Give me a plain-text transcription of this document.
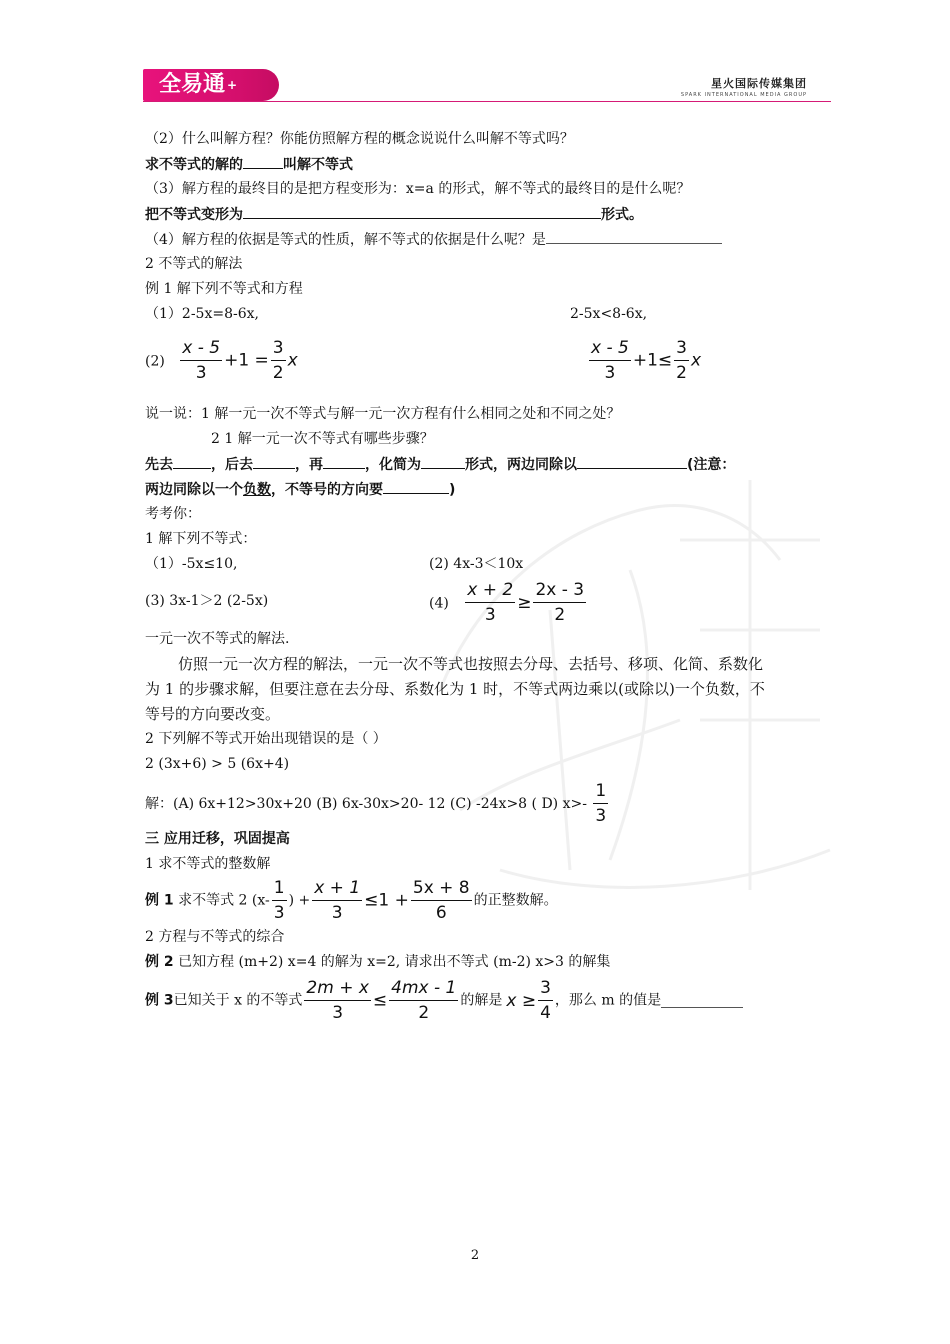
全易通 +	星火国际传媒集团
SPARK INTERNATIONAL MEDIA GROUP
（2）什么叫解方程？你能仿照解方程的概念说说什么叫解不等式吗？
求不等式的解的	叫解不等式
（3）解方程的最终目的是把方程变形为：x=a 的形式，解不等式的最终目的是什么呢？
把不等式变形为	形式。
（4）解方程的依据是等式的性质，解不等式的依据是什么呢？是
2 不等式的解法
例 1 解下列不等式和方程
（1）2-5x=8-6x,	2-5x<8-6x,
$(2) \frac{x - 5}{3} +1 = \frac{3}{2}$ x	$\frac{x - 5}{3} +1\le \frac{3}{2}$ x
说一说：1 解一元一次不等式与解一元一次方程有什么相同之处和不同之处？
2 1 解一元一次不等式有哪些步骤？
先去	，后去	，再	，化简为	形式，两边同除以	(注意：
两边同除以一个负数，不等号的方向要	)
考考你：
1 解下列不等式：
（1）-5x≤10,	(2) 4x-3＜10x
(3) 3x-1＞2 (2-5x)	$(4) \frac{x + 2}{3} \ge \frac{2x - 3}{2}$
一元一次不等式的解法.
仿照一元一次方程的解法，一元一次不等式也按照去分母、去括号、移项、化简、系数化
为 1 的步骤求解，但要注意在去分母、系数化为 1 时，不等式两边乘以(或除以)一个负数，不
等号的方向要改变。
2 下列解不等式开始出现错误的是（ ）
2 (3x+6) > 5 (6x+4)
解：(A) 6x+12>30x+20 (B) 6x-30x>20- 12 (C) -24x>8 ( D) $x>- \frac{1}{3}$
三 应用迁移，巩固提高
1 求不等式的整数解
例 1 求不等式 2 ($x- \frac{1}{3}$ ) + $\frac{x + 1}{3} \le 1 + \frac{5x + 8}{6}$ 的正整数解。
2 方程与不等式的综合
例 2 已知方程 (m+2) x=4 的解为 x=2, 请求出不等式 (m-2) x>3 的解集
例 3已知关于 x 的不等式 $\frac{2m + x}{3} \le \frac{4mx - 1}{2}$ 的解是 $x \ge \frac{3}{4}$ ，那么 m 的值是
2
